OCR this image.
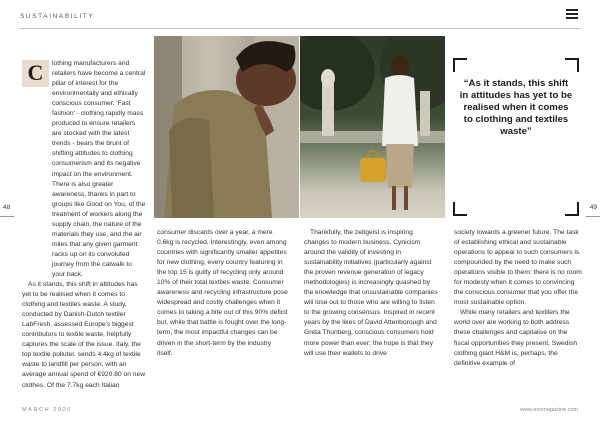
SUSTAINABILITY
48	49
C	lothing manufacturers and retailers have become a central pillar of interest for the environmentally and ethically conscious consumer. 'Fast fashion' - clothing rapidly mass produced to ensure retailers are stocked with the latest trends - bears the brunt of shifting attitudes to clothing consumerism and its negative impact on the environment. There is also greater awareness, thanks in part to groups like Good on You, of the treatment of workers along the supply chain, the nature of the materials they use, and the air miles that any given garment racks up on its convoluted journey from the catwalk to your back.

As it stands, this shift in attitudes has yet to be realised when it comes to clothing and textiles waste. A study, conducted by Danish-Dutch textiler LabFresh, assessed Europe's biggest contributors to textile waste, helpfully captures the scale of the issue. Italy, the top textile polluter, sends 4.4kg of textile waste to landfill per person, with an average annual spend of €920.80 on new clothes. Of the 7.7kg each Italian

“As it stands, this shift in attitudes has yet to be realised when it comes to clothing and textiles waste”

consumer discards over a year, a mere 0.6kg is recycled. Interestingly, even among countries with significantly smaller appetites for new clothing, every country featuring in the top 15 is guilty of recycling only around 10% of their total textiles waste. Consumer awareness and recycling infrastructure pose widespread and costly challenges when it comes to taking a bite out of this 90% deficit but, while that battle is fought over the long-term, the most impactful changes can be driven in the short-term by the industry itself.

Thankfully, the zeitgeist is inspiring changes to modern business. Cynicism around the validity of investing in sustainability initiatives (particularly against the proven revenue generation of legacy methodologies) is increasingly quashed by the knowledge that unsustainable companies will lose out to those who are willing to listen to the growing consensus. Inspired in recent years by the likes of David Attenborough and Greta Thunberg, conscious consumers hold more power than ever; the hope is that they will use their wallets to drive

society towards a greener future. The task of establishing ethical and sustainable operations to appeal to such consumers is compounded by the need to make such operations visible to them: there is no room for modesty when it comes to convincing the conscious consumer that you offer the most sustainable option.

While many retailers and textilers the world over are working to both address these challenges and capitalise on the fiscal opportunities they present, Swedish clothing giant H&M is, perhaps, the definitive example of

MARCH 2020	www.exomagazine.com
